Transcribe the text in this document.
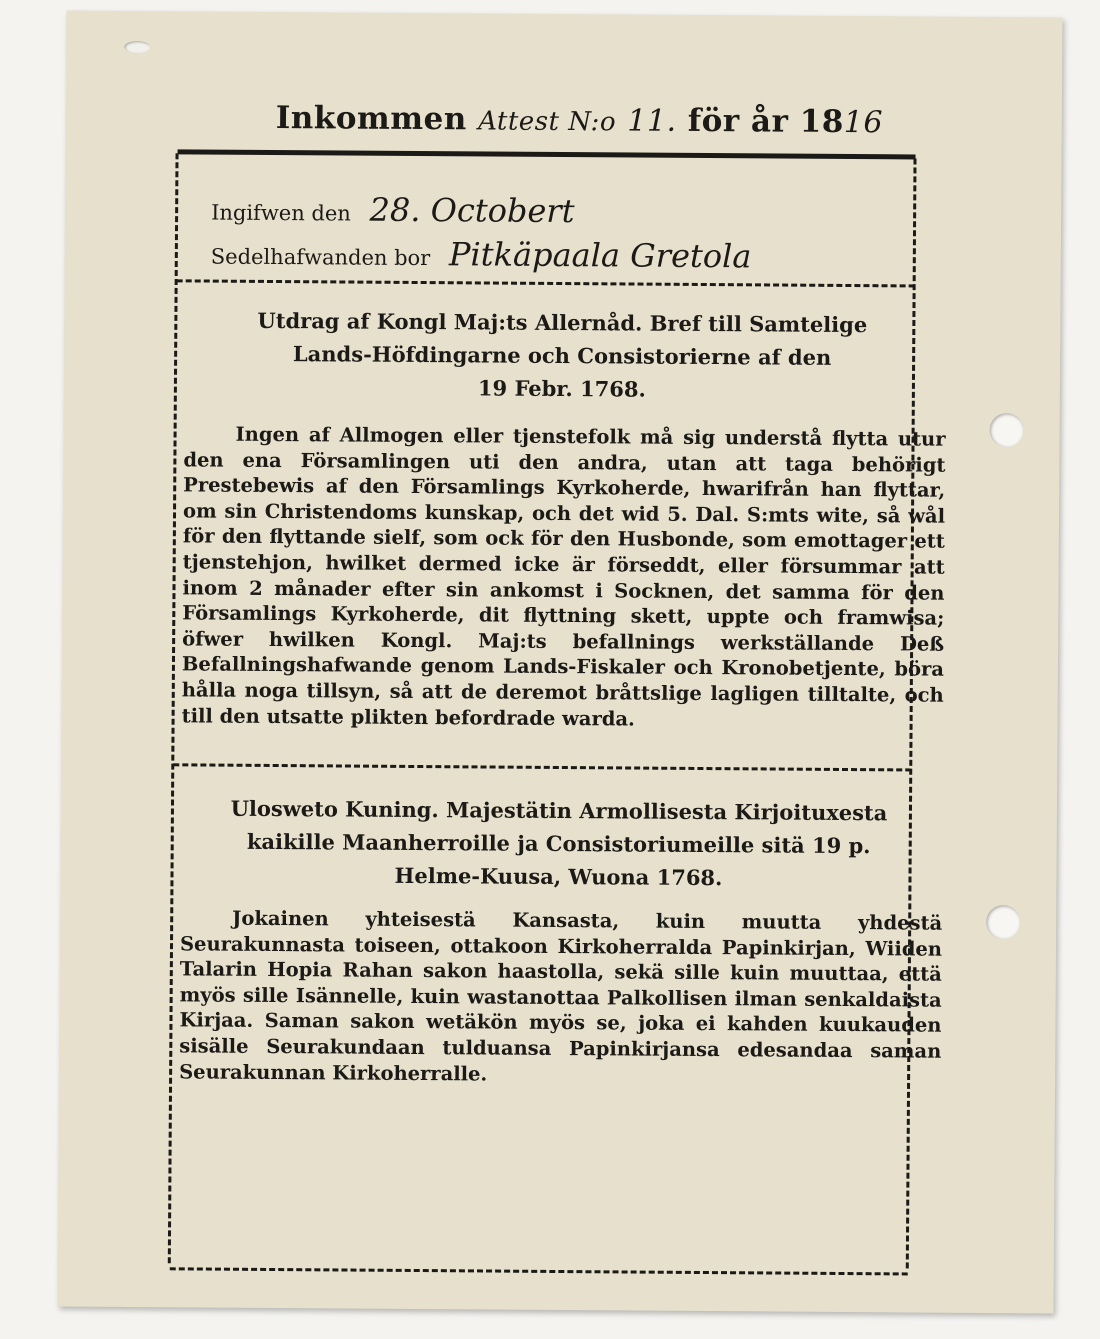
Inkommen Attest N:o 11. för år 1816
Ingifwen den 28. Octobert
Sedelhafwanden bor Pitkäpaala Gretola
Utdrag af Kongl Maj:ts Allernåd. Bref till Samtelige
Lands-Höfdingarne och Consistorierne af den
19 Febr. 1768.

Ingen af Allmogen eller tjenstefolk må sig understå flytta utur den ena Församlingen uti den andra, utan att taga behörigt Prestebewis af den Församlings Kyrkoherde, hwarifrån han flyttar, om sin Christendoms kunskap, och det wid 5. Dal. S:mts wite, så wål för den flyttande sielf, som ock för den Husbonde, som emottager ett tjenstehjon, hwilket dermed icke är förseddt, eller försummar att inom 2 månader efter sin ankomst i Socknen, det samma för den Församlings Kyrkoherde, dit flyttning skett, uppte och framwisa; öfwer hwilken Kongl. Maj:ts befallnings werkställande Deß Befallningshafwande genom Lands-Fiskaler och Kronobetjente, böra hålla noga tillsyn, så att de deremot bråttslige lagligen tilltalte, och till den utsatte plikten befordrade warda.

Ulosweto Kuning. Majestätin Armollisesta Kirjoituxesta
kaikille Maanherroille ja Consistoriumeille sitä 19 p.
Helme-Kuusa, Wuona 1768.

Jokainen yhteisestä Kansasta, kuin muutta yhdestä Seurakunnasta toiseen, ottakoon Kirkoherralda Papinkirjan, Wiiden Talarin Hopia Rahan sakon haastolla, sekä sille kuin muuttaa, että myös sille Isännelle, kuin wastanottaa Palkollisen ilman senkaldaista Kirjaa. Saman sakon wetäkön myös se, joka ei kahden kuukauden sisälle Seurakundaan tulduansa Papinkirjansa edesandaa saman Seurakunnan Kirkoherralle.
